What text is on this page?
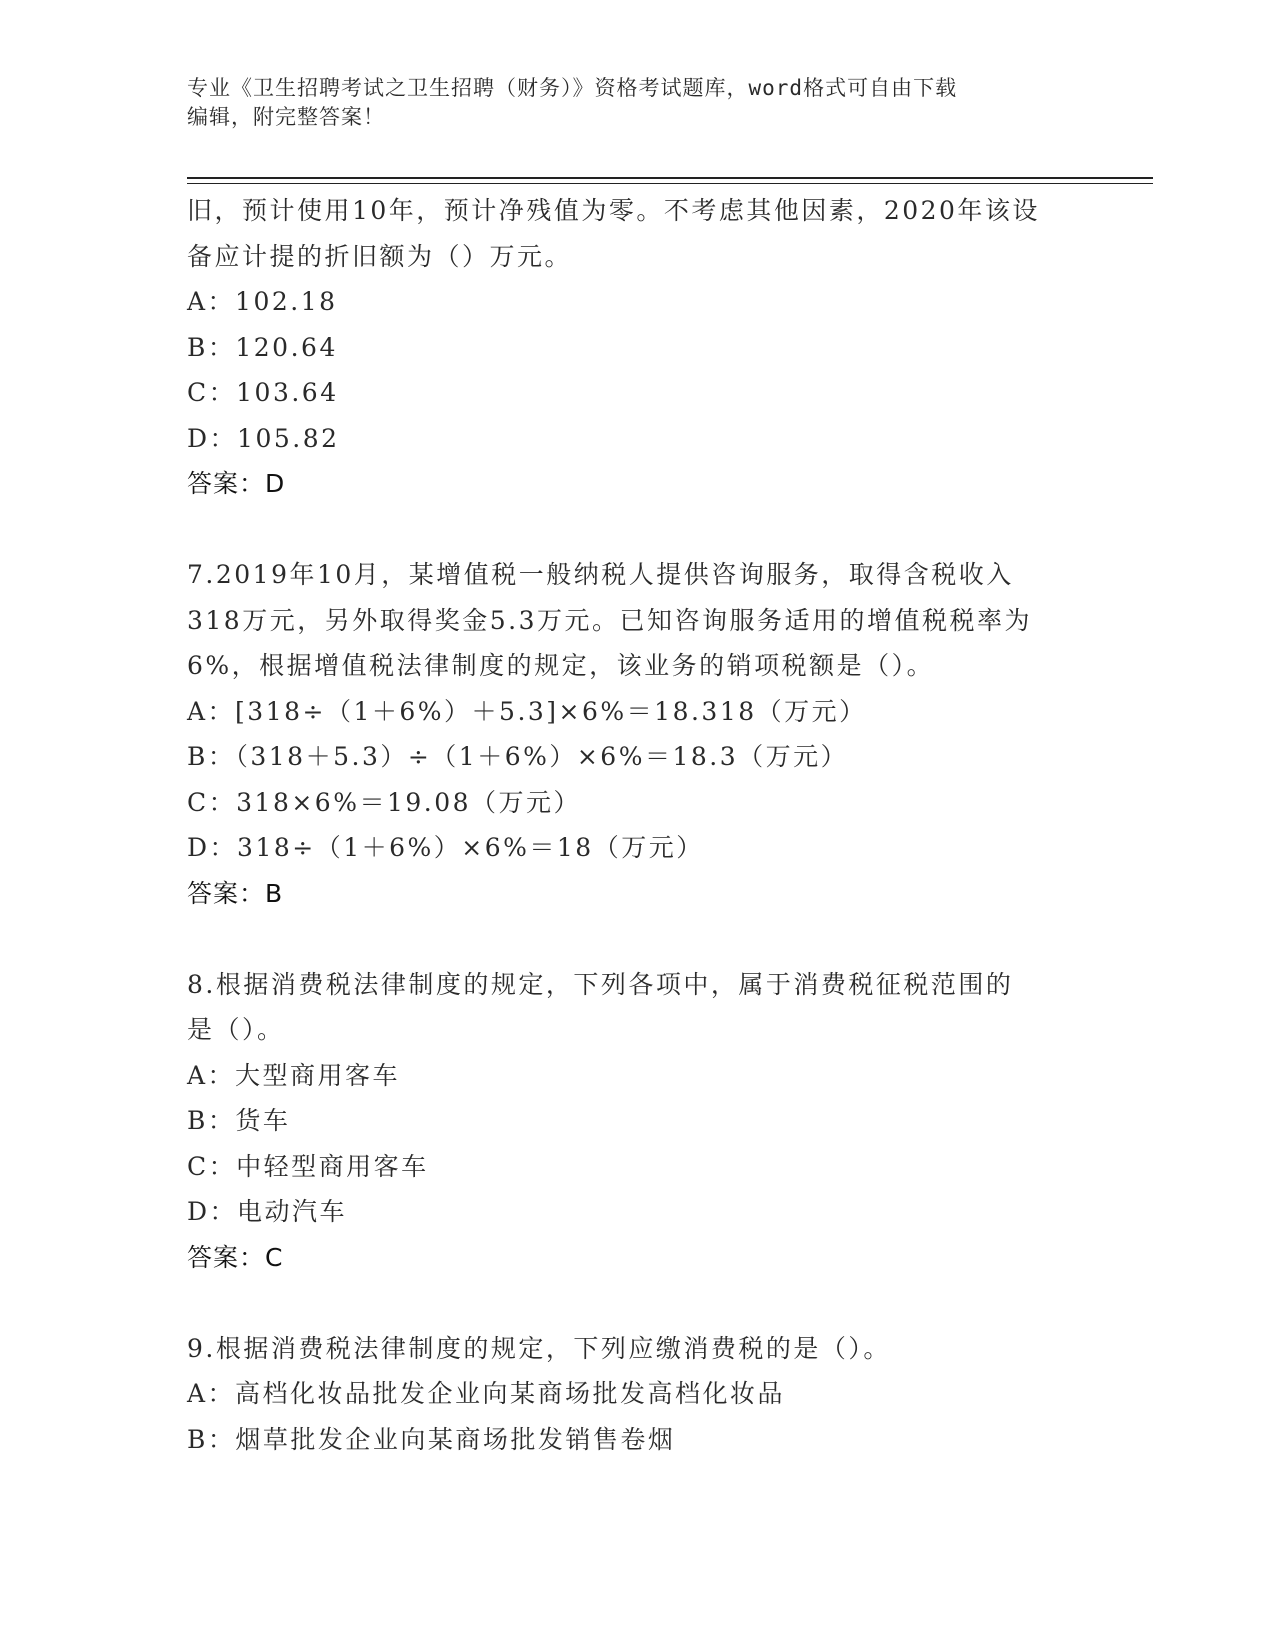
专业《卫生招聘考试之卫生招聘（财务）》资格考试题库，word格式可自由下载
编辑，附完整答案！
旧，预计使用10年，预计净残值为零。不考虑其他因素，2020年该设
备应计提的折旧额为（）万元。
A：102.18
B：120.64
C：103.64
D：105.82
答案：D
7.2019年10月，某增值税一般纳税人提供咨询服务，取得含税收入
318万元，另外取得奖金5.3万元。已知咨询服务适用的增值税税率为
6%，根据增值税法律制度的规定，该业务的销项税额是（）。
A：[318÷（1＋6%）＋5.3]×6%＝18.318（万元）
B：（318＋5.3）÷（1＋6%）×6%＝18.3（万元）
C：318×6%＝19.08（万元）
D：318÷（1＋6%）×6%＝18（万元）
答案：B
8.根据消费税法律制度的规定，下列各项中，属于消费税征税范围的
是（）。
A：大型商用客车
B：货车
C：中轻型商用客车
D：电动汽车
答案：C
9.根据消费税法律制度的规定，下列应缴消费税的是（）。
A：高档化妆品批发企业向某商场批发高档化妆品
B：烟草批发企业向某商场批发销售卷烟
